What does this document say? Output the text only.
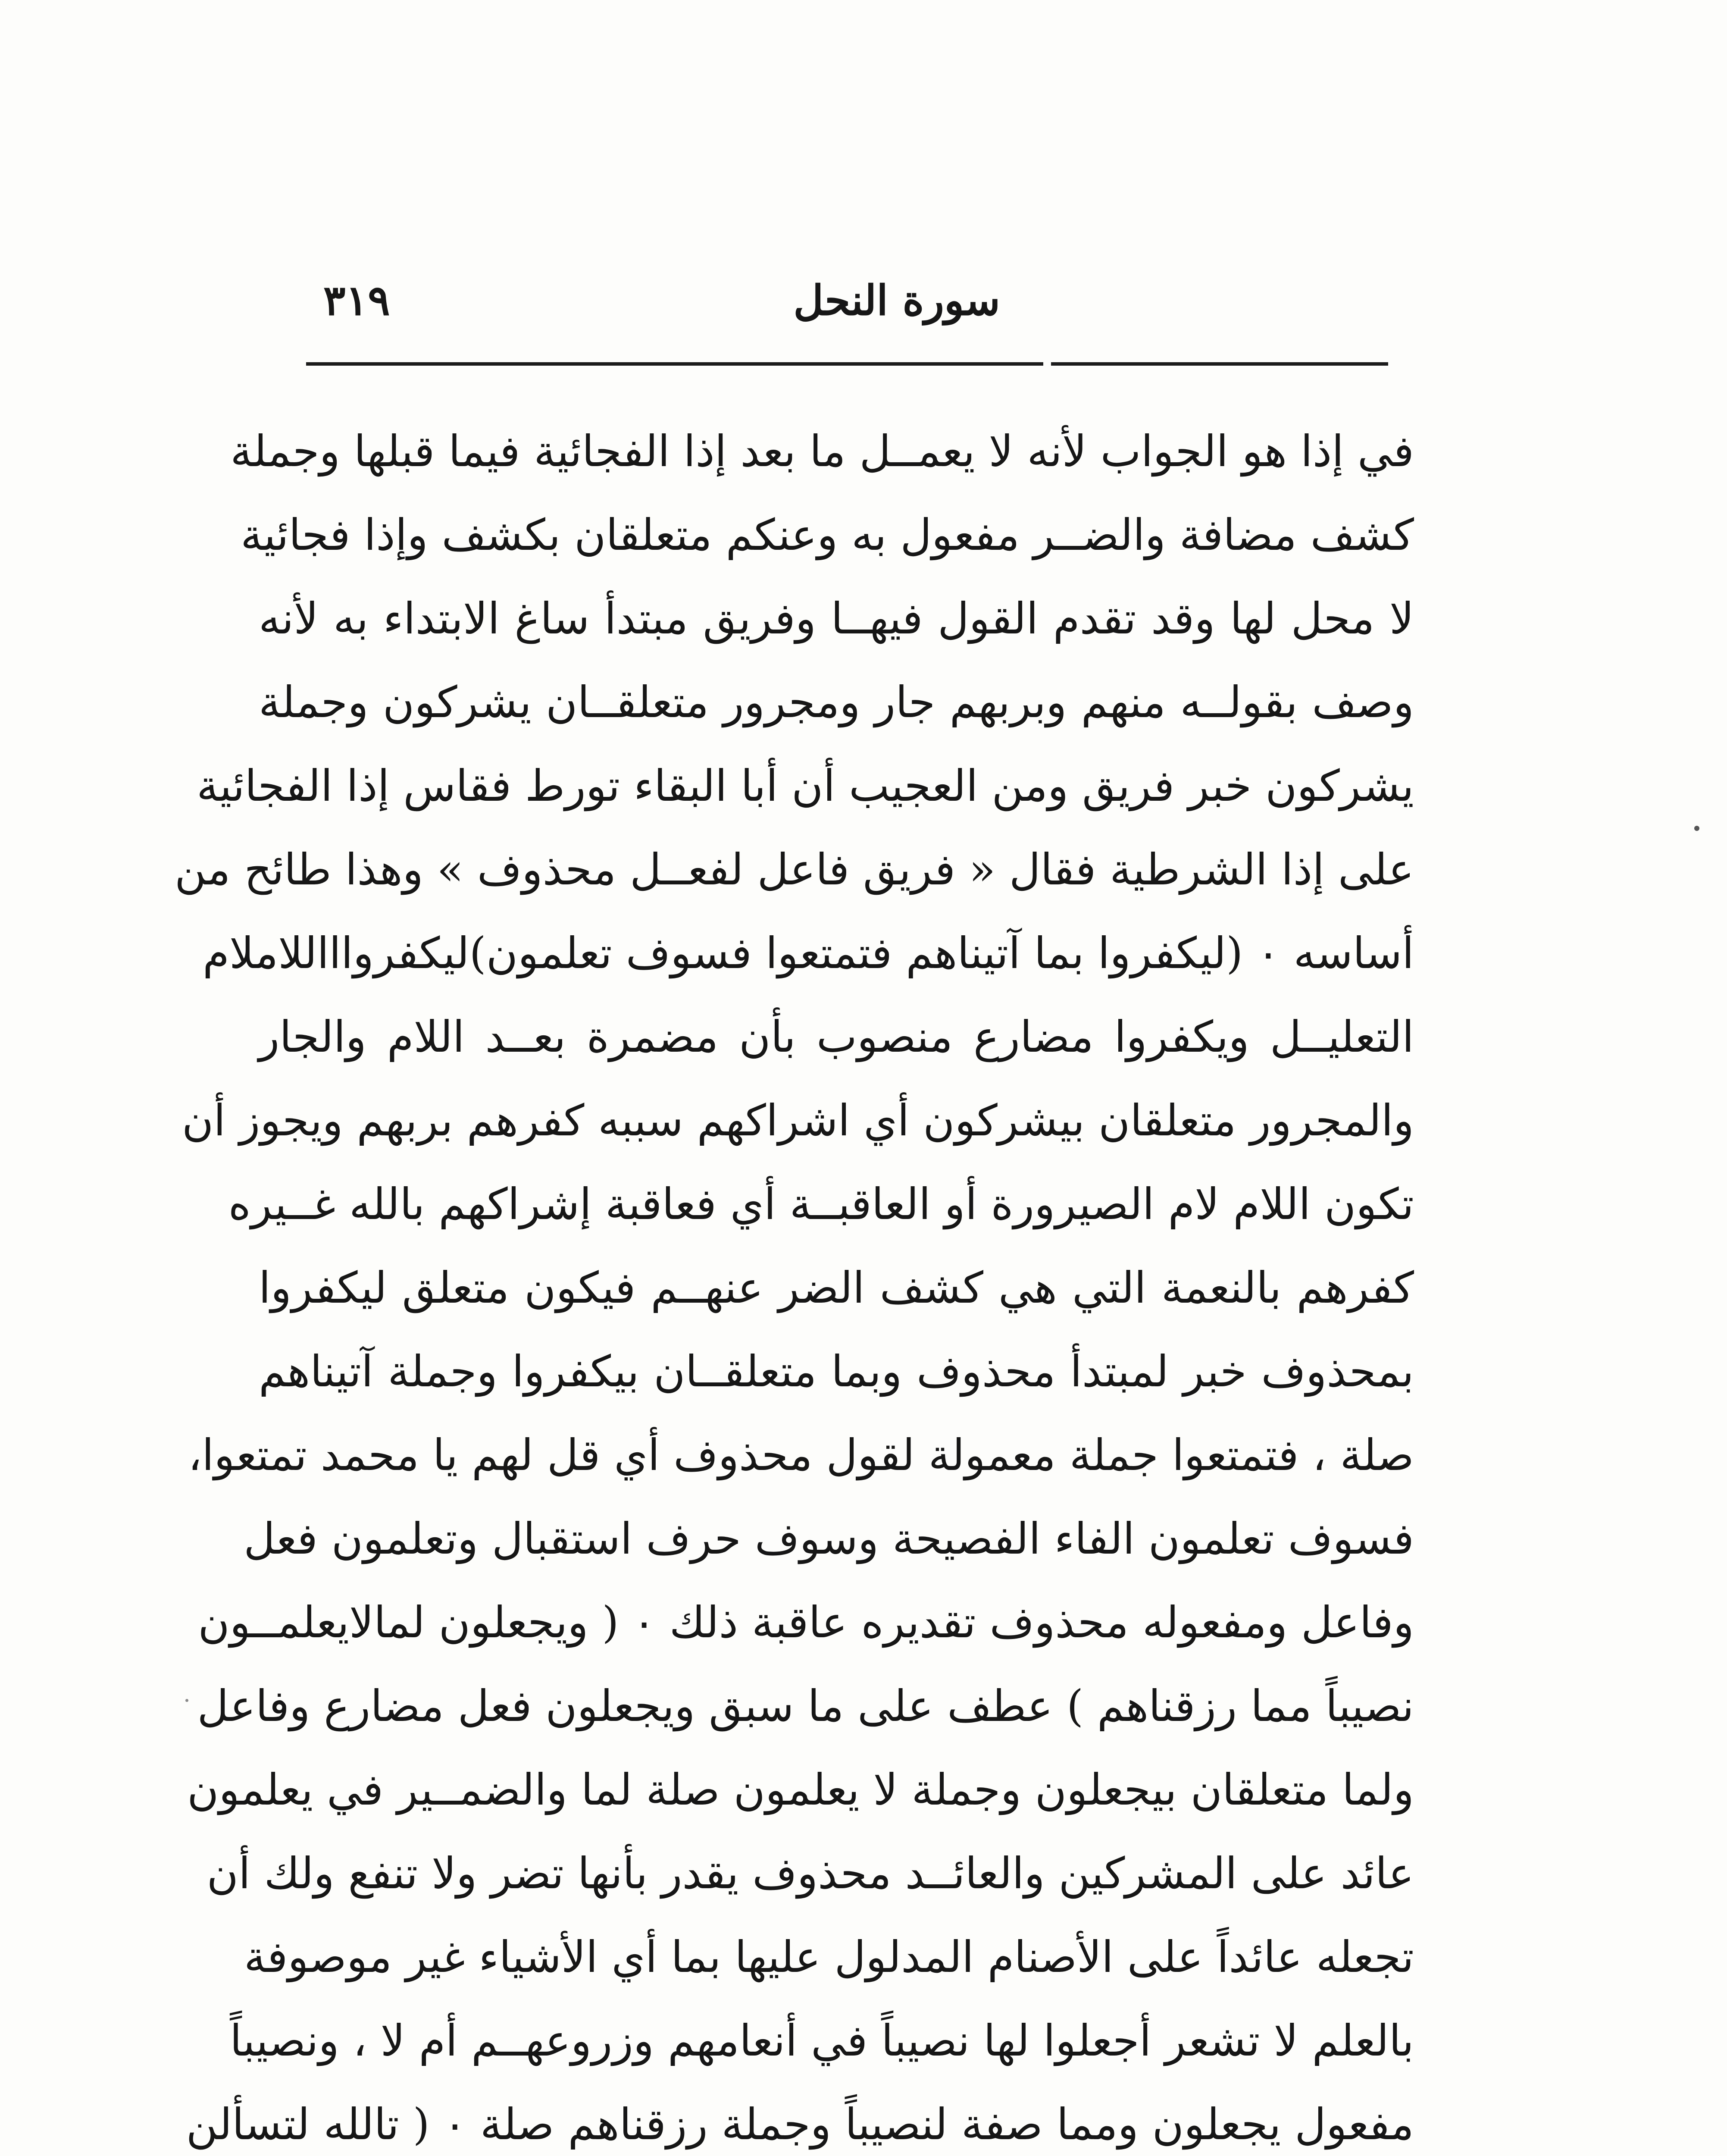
سورة النحل
٣١٩
في إذا هو الجواب لأنه لا يعمــل ما بعد إذا الفجائية فيما قبلها وجملة
كشف مضافة والضــر مفعول به وعنكم متعلقان بكشف وإذا فجائية
لا محل لها وقد تقدم القول فيهــا وفريق مبتدأ ساغ الابتداء به لأنه
وصف بقولــه منهم وبربهم جار ومجرور متعلقــان يشركون وجملة
يشركون خبر فريق ومن العجيب أن أبا البقاء تورط فقاس إذا الفجائية
على إذا الشرطية فقال « فريق فاعل لفعــل محذوف » وهذا طائح من
أساسه ٠ (ليكفروا بما آتيناهم فتمتعوا فسوف تعلمون)ليكفرواااللاملام
التعليــل ويكفروا مضارع منصوب بأن مضمرة بعــد اللام والجار
والمجرور متعلقان بيشركون أي اشراكهم سببه كفرهم بربهم ويجوز أن
تكون اللام لام الصيرورة أو العاقبــة أي فعاقبة إشراكهم بالله غــيره
كفرهم بالنعمة التي هي كشف الضر عنهــم فيكون متعلق ليكفروا
بمحذوف خبر لمبتدأ محذوف وبما متعلقــان بيكفروا وجملة آتيناهم
صلة ، فتمتعوا جملة معمولة لقول محذوف أي قل لهم يا محمد تمتعوا،
فسوف تعلمون الفاء الفصيحة وسوف حرف استقبال وتعلمون فعل
وفاعل ومفعوله محذوف تقديره عاقبة ذلك ٠ ( ويجعلون لمالايعلمــون
نصيباً مما رزقناهم ) عطف على ما سبق ويجعلون فعل مضارع وفاعل
ولما متعلقان بيجعلون وجملة لا يعلمون صلة لما والضمــير في يعلمون
عائد على المشركين والعائــد محذوف يقدر بأنها تضر ولا تنفع ولك أن
تجعله عائداً على الأصنام المدلول عليها بما أي الأشياء غير موصوفة
بالعلم لا تشعر أجعلوا لها نصيباً في أنعامهم وزروعهــم أم لا ، ونصيباً
مفعول يجعلون ومما صفة لنصيباً وجملة رزقناهم صلة ٠ ( تالله لتسألن
